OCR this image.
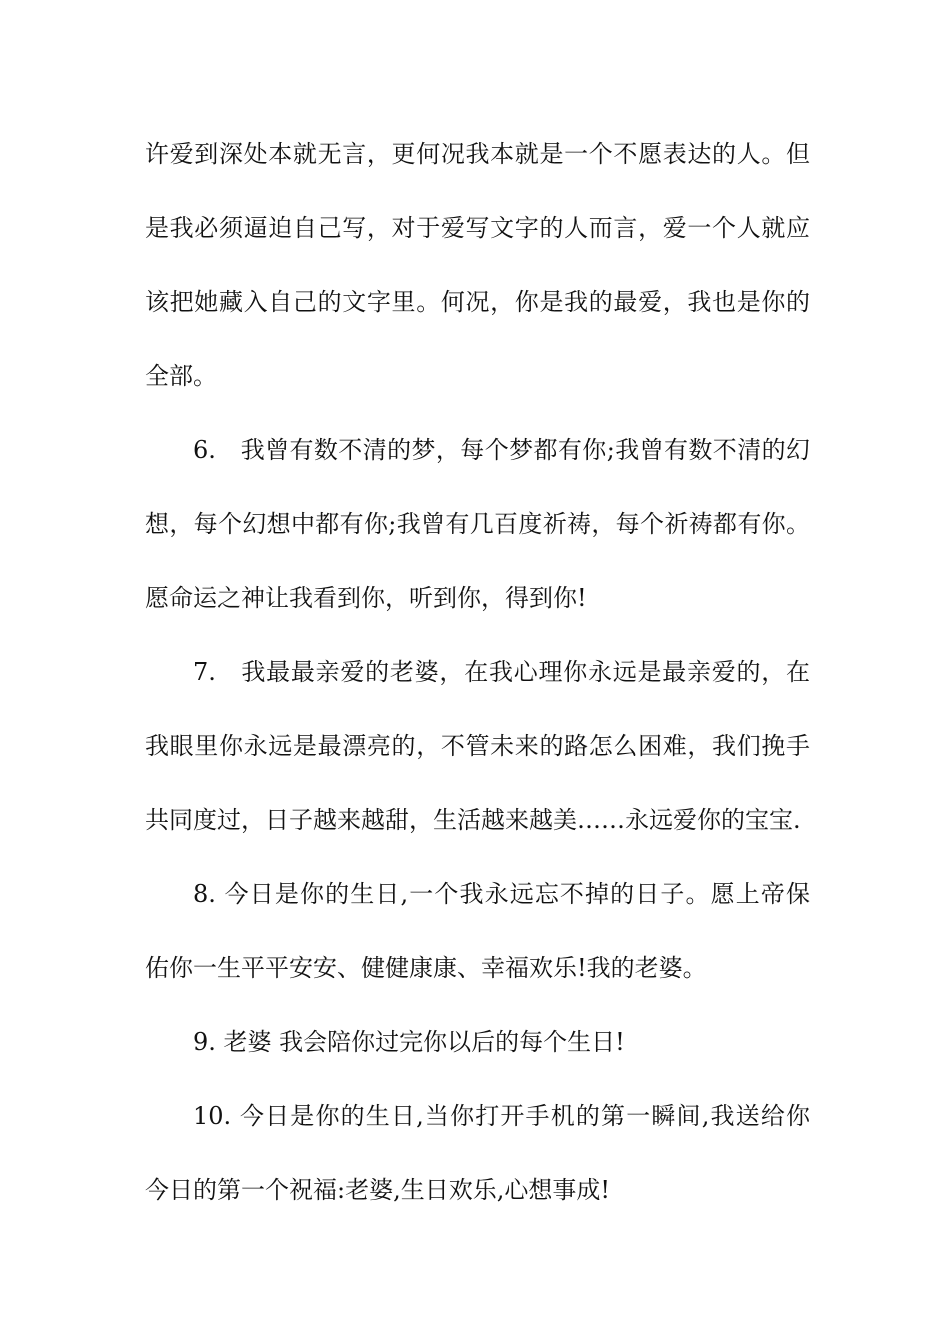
许爱到深处本就无言，更何况我本就是一个不愿表达的人。但
是我必须逼迫自己写，对于爱写文字的人而言，爱一个人就应
该把她藏入自己的文字里。何况，你是我的最爱，我也是你的
全部。
6.　我曾有数不清的梦，每个梦都有你;我曾有数不清的幻
想，每个幻想中都有你;我曾有几百度祈祷，每个祈祷都有你。
愿命运之神让我看到你，听到你，得到你!
7.　我最最亲爱的老婆，在我心理你永远是最亲爱的，在
我眼里你永远是最漂亮的，不管未来的路怎么困难，我们挽手
共同度过，日子越来越甜，生活越来越美……永远爱你的宝宝.
8. 今日是你的生日,一个我永远忘不掉的日子。愿上帝保
佑你一生平平安安、健健康康、幸福欢乐!我的老婆。
9. 老婆 我会陪你过完你以后的每个生日!
10. 今日是你的生日,当你打开手机的第一瞬间,我送给你
今日的第一个祝福:老婆,生日欢乐,心想事成!
